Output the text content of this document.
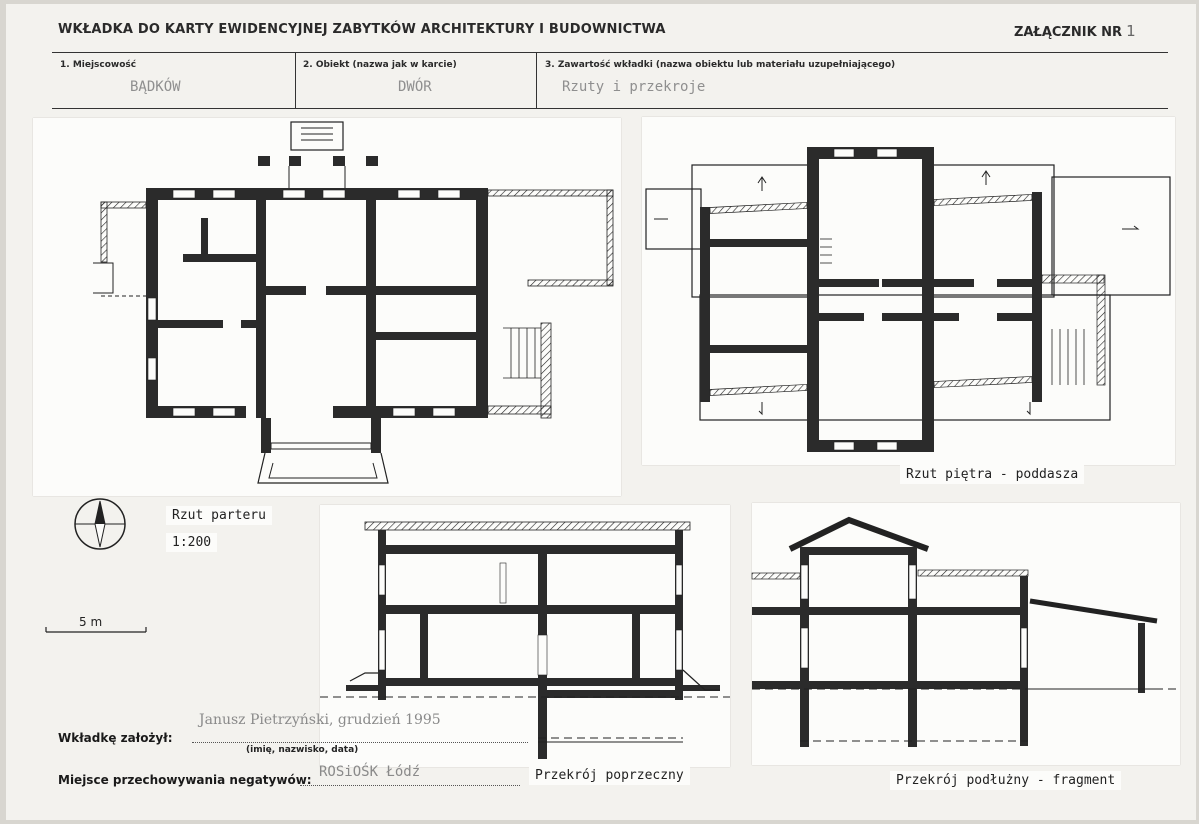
WKŁADKA DO KARTY EWIDENCYJNEJ ZABYTKÓW ARCHITEKTURY I BUDOWNICTWA	ZAŁĄCZNIK NR 1
1. Miejscowość
BĄDKÓW
2. Obiekt (nazwa jak w karcie)
DWÓR
3. Zawartość wkładki (nazwa obiektu lub materiału uzupełniającego)
Rzuty i przekroje
Rzut parteru
1:200
5 m
Rzut piętra - poddasza
Przekrój poprzeczny	Przekrój podłużny - fragment
Wkładkę założył:
Janusz Pietrzyński, grudzień 1995
(imię, nazwisko, data)
Miejsce przechowywania negatywów: ROSiOŚK Łódź
